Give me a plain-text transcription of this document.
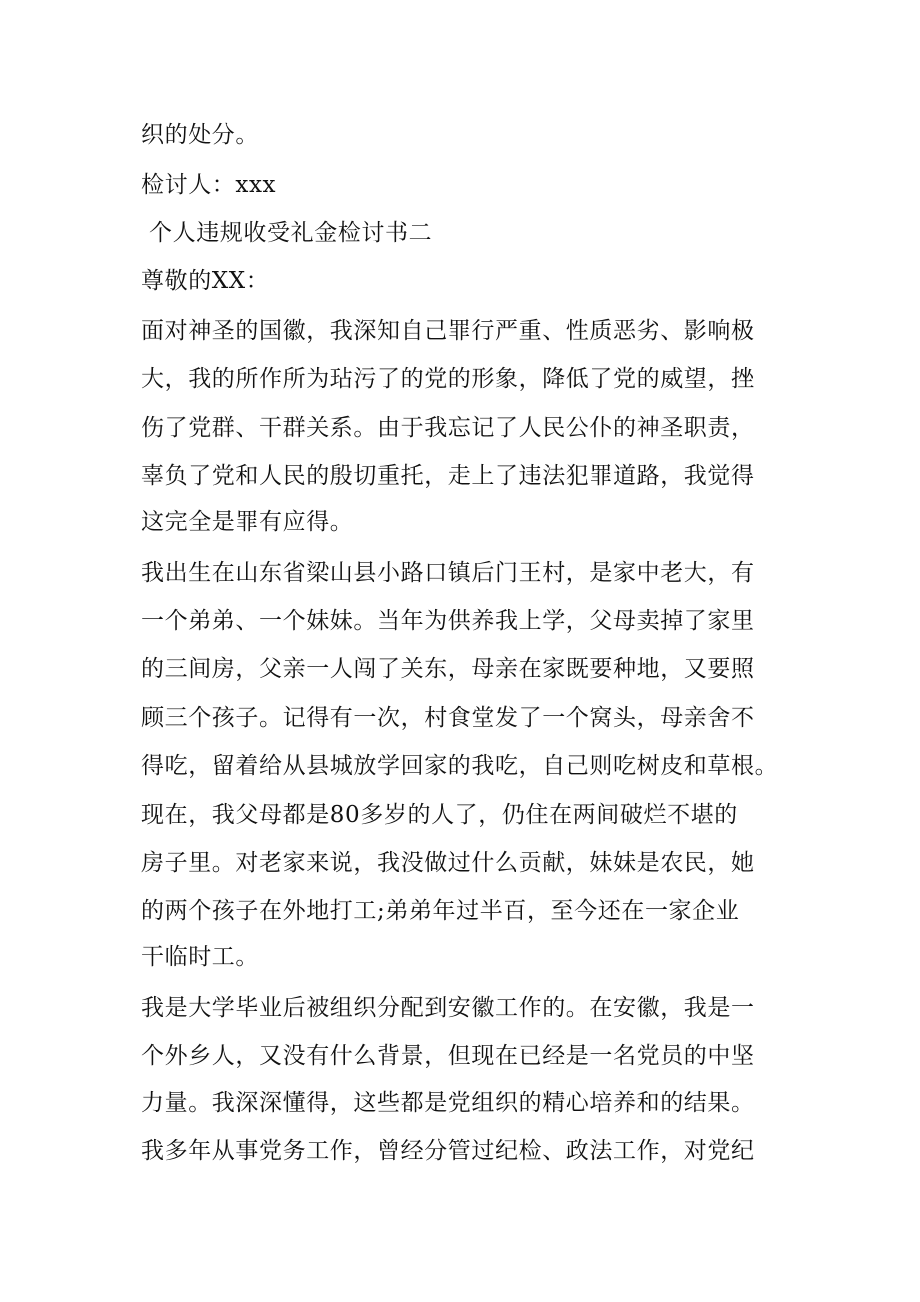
织的处分。
检讨人：xxx
个人违规收受礼金检讨书二
尊敬的XX：
面对神圣的国徽，我深知自己罪行严重、性质恶劣、影响极
大，我的所作所为玷污了的党的形象，降低了党的威望，挫
伤了党群、干群关系。由于我忘记了人民公仆的神圣职责，
辜负了党和人民的殷切重托，走上了违法犯罪道路，我觉得
这完全是罪有应得。
我出生在山东省梁山县小路口镇后门王村，是家中老大，有
一个弟弟、一个妹妹。当年为供养我上学，父母卖掉了家里
的三间房，父亲一人闯了关东，母亲在家既要种地，又要照
顾三个孩子。记得有一次，村食堂发了一个窝头，母亲舍不
得吃，留着给从县城放学回家的我吃，自己则吃树皮和草根。
现在，我父母都是80多岁的人了，仍住在两间破烂不堪的
房子里。对老家来说，我没做过什么贡献，妹妹是农民，她
的两个孩子在外地打工;弟弟年过半百，至今还在一家企业
干临时工。
我是大学毕业后被组织分配到安徽工作的。在安徽，我是一
个外乡人，又没有什么背景，但现在已经是一名党员的中坚
力量。我深深懂得，这些都是党组织的精心培养和的结果。
我多年从事党务工作，曾经分管过纪检、政法工作，对党纪
